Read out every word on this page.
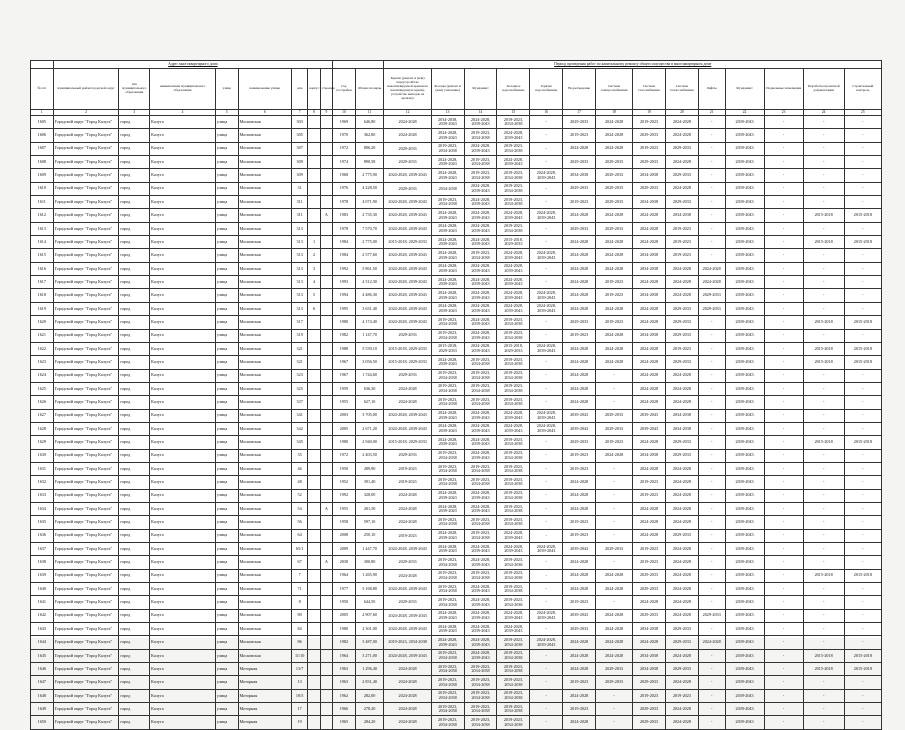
	Адрес многоквартирного дома										Период проведения работ по капитальному ремонту общего имущества в многоквартирном доме													
№ п/п	муниципальный район/городской округ	тип муниципального образования	наименование муниципального образования	улица	наименование улицы	дом	корпус	строение	Год постройки	Общая площадь	Крыша (ремонт и (или) переустройство невентилируемой крыши на вентилируемую крышу, устройство выходов на кровлю)	Фасады (ремонт и (или) утепление)	Фундамент	Холодное водоснабжение	Горячее водоснабжение	Водоотведение	Система электроснабжения	Система газоснабжения	Система теплоснабжения	Лифты	Фундамент	Подвальные помещения	Разработка проектной документации	Строительный контроль
1	2	3	4	5	6	7	8	9	10	11	12	13	14	15	16	17	18	19	20	21	22	23	24	25
1605	Городской округ "Город Калуга"	город	Калуга	улица	Московская	303			1969	646,80	2024-2028	2034-2038, 2039-2043	2024-2028, 2039-2043	2019-2023, 2034-2038	-	2029-2033	2024-2028	2019-2023	2024-2028	-	2039-2043	-	-	-
1606	Городской округ "Город Калуга"	город	Калуга	улица	Московская	305			1970	362,80	2024-2028	2024-2028, 2039-2043	2019-2023, 2034-2038	2024-2028, 2039-2043	-	2019-2023	2024-2028	2029-2033	2024-2028	-	2039-2043	-	-	-
1607	Городской округ "Город Калуга"	город	Калуга	улица	Московская	307			1972	806,20	2029-2033	2019-2023, 2034-2038	2024-2028, 2039-2043	2019-2023, 2034-2038	-	2024-2028	2024-2028	2019-2023	2029-2033	-	2039-2043	-	-	-
1608	Городской округ "Город Калуга"	город	Калуга	улица	Московская	309			1974	890,58	2029-2033	2024-2028, 2039-2043	2019-2023, 2034-2038	2024-2028, 2039-2043	-	2029-2033	2029-2033	2029-2033	2024-2028	-	2039-2043	-	-	-
1609	Городской округ "Город Калуга"	город	Калуга	улица	Московская	309			1968	2 775,90	2024-2028, 2039-2043	2024-2028, 2039-2043	2019-2023, 2034-2038	2019-2023, 2034-2038	2024-2028, 2039-2043	2034-2038	2029-2033	2034-2038	2029-2033	-	2039-2043	-	-	-
1610	Городской округ "Город Калуга"	город	Калуга	улица	Московская	31			1976	4 228,50	2029-2033	2034-2038	2024-2028, 2039-2043	2019-2023, 2034-2038	-	2029-2033	2029-2033	2029-2033	2024-2028	-	2039-2043	-	-	-
1611	Городской округ "Город Калуга"	город	Калуга	улица	Московская	311			1978	4 071,90	2024-2028, 2039-2043	2019-2023, 2034-2038	2024-2028, 2039-2043	2019-2023, 2034-2038	-	2019-2023	2029-2033	2034-2038	2029-2033	-	2039-2043	-	-	-
1612	Городской округ "Город Калуга"	город	Калуга	улица	Московская	311		А	1983	2 735,30	2024-2028, 2039-2043	2024-2028, 2039-2043	2024-2028, 2039-2043	2024-2028, 2039-2043	2024-2028, 2039-2043	2024-2028	2024-2028	2024-2028	2034-2038	-	2039-2043	-	2015-2018	2015-2018
1613	Городской округ "Город Калуга"	город	Калуга	улица	Московская	313			1978	7 570,70	2024-2028, 2039-2043	2024-2028, 2039-2043	2024-2028, 2039-2043	2019-2023, 2034-2038	-	2029-2033	2029-2033	2024-2028	2019-2023	-	2039-2043	-	-	-
1614	Городской округ "Город Калуга"	город	Калуга	улица	Московская	313	1		1984	2 775,00	2015-2018, 2029-2033	2024-2028, 2039-2043	2024-2028, 2039-2043	2015-2018, 2029-2033	-	2024-2028	2024-2028	2024-2028	2019-2023	-	2039-2043	-	2015-2018	2015-2018
1615	Городской округ "Город Калуга"	город	Калуга	улица	Московская	313	2		1984	2 577,60	2024-2028, 2039-2043	2024-2028, 2039-2043	2019-2023, 2034-2038	2024-2028, 2039-2043	2024-2028, 2039-2043	2024-2028	2024-2028	2034-2038	2019-2023	-	2039-2043	-	-	-
1616	Городской округ "Город Калуга"	город	Калуга	улица	Московская	313	3		1992	5 861,50	2024-2028, 2039-2043	2024-2028, 2039-2043	2024-2028, 2039-2043	2024-2028, 2039-2043	-	2024-2028	2024-2028	2034-2038	2024-2028	2024-2028	2039-2043	-	-	-
1617	Городской округ "Город Калуга"	город	Калуга	улица	Московская	313	4		1993	4 512,30	2024-2028, 2039-2043	2024-2028, 2039-2043	2024-2028, 2039-2043	2024-2028, 2039-2043	-	2024-2028	2019-2023	2024-2028	2024-2028	2024-2028	2039-2043	-	-	-
1618	Городской округ "Город Калуга"	город	Калуга	улица	Московская	313	5		1994	4 486,30	2024-2028, 2039-2043	2024-2028, 2039-2043	2024-2028, 2039-2043	2024-2028, 2039-2043	2024-2028, 2039-2043	2024-2028	2019-2023	2034-2038	2024-2028	2029-2033	2039-2043	-	-	-
1619	Городской округ "Город Калуга"	город	Калуга	улица	Московская	313	6		1995	3 631,40	2024-2028, 2039-2043	2024-2028, 2039-2043	2024-2028, 2039-2043	2024-2028, 2039-2043	2024-2028, 2039-2043	2024-2028	2024-2028	2024-2028	2029-2033	2029-2033	2039-2043	-	-	-
1620	Городской округ "Город Калуга"	город	Калуга	улица	Московская	317			1980	4 174,40	2024-2028, 2039-2043	2019-2023, 2034-2038	2024-2028, 2039-2043	2019-2023, 2034-2038	-	2029-2033	2019-2023	2024-2028	2029-2033	-	2039-2043	-	2015-2018	2015-2018
1621	Городской округ "Город Калуга"	город	Калуга	улица	Московская	319			1982	1 147,70	2029-2033	2019-2023, 2034-2038	2024-2028, 2039-2043	2019-2023, 2034-2038	-	2019-2023	2024-2028	2034-2038	2029-2033	-	2039-2043	-	-	-
1622	Городской округ "Город Калуга"	город	Калуга	улица	Московская	321			1988	5 539,10	2015-2018, 2029-2033	2015-2018, 2029-2033	2024-2028, 2039-2043	2015-2018, 2029-2033	2024-2028, 2039-2043	2024-2028	2024-2028	2024-2028	2019-2023	-	2039-2043	-	2015-2018	2015-2018
1623	Городской округ "Город Калуга"	город	Калуга	улица	Московская	321			1967	3 056,50	2015-2018, 2029-2033	2024-2028, 2039-2043	2019-2023, 2034-2038	2019-2023, 2034-2038	-	2024-2028	2024-2028	2024-2028	2029-2033	-	2039-2043	-	2015-2018	2015-2018
1624	Городской округ "Город Калуга"	город	Калуга	улица	Московская	323			1967	1 744,60	2029-2033	2019-2023, 2034-2038	2019-2023, 2034-2038	2019-2023, 2034-2038	-	2024-2028	-	2024-2028	2024-2028	-	2039-2043	-	-	-
1625	Городской округ "Город Калуга"	город	Калуга	улица	Московская	325			1959	636,30	2024-2028	2019-2023, 2034-2038	2019-2023, 2034-2038	2019-2023, 2034-2038	-	2024-2028	-	2024-2028	2024-2028	-	2039-2043	-	-	-
1626	Городской округ "Город Калуга"	город	Калуга	улица	Московская	337			1955	627,10	2024-2028	2019-2023, 2034-2038	2019-2023, 2034-2038	2019-2023, 2034-2038	-	2024-2028	-	2024-2028	2024-2028	-	2039-2043	-	-	-
1627	Городской округ "Город Калуга"	город	Калуга	улица	Московская	341			2003	3 705,00	2024-2028, 2039-2043	2024-2028, 2039-2043	2024-2028, 2039-2043	2024-2028, 2039-2043	2024-2028, 2039-2043	2039-2043	2029-2033	2039-2043	2034-2038	-	2039-2043	-	-	-
1628	Городской округ "Город Калуга"	город	Калуга	улица	Московская	342			2005	2 671,20	2024-2028, 2039-2043	2024-2028, 2039-2043	2024-2028, 2039-2043	2024-2028, 2039-2043	2024-2028, 2039-2043	2039-2043	2029-2033	2039-2043	2034-2038	-	2039-2043	-	-	-
1629	Городской округ "Город Калуга"	город	Калуга	улица	Московская	345			1980	2 940,00	2015-2018, 2029-2033	2024-2028, 2039-2043	2024-2028, 2039-2043	2019-2023, 2034-2038	-	2029-2033	2019-2023	2024-2028	2029-2033	-	2039-2043	-	2015-2018	2015-2018
1630	Городской округ "Город Калуга"	город	Калуга	улица	Московская	35			1972	2 403,50	2029-2033	2019-2023, 2034-2038	2024-2028, 2039-2043	2019-2023, 2034-2038	-	2019-2023	2024-2028	2034-2038	2029-2033	-	2039-2043	-	-	-
1631	Городской округ "Город Калуга"	город	Калуга	улица	Московская	46			1950	289,90	2019-2023	2019-2023, 2034-2038	2019-2023, 2034-2038	2019-2023, 2034-2038	-	2019-2023	-	2024-2028	2024-2028	-	2039-2043	-	-	-
1632	Городской округ "Город Калуга"	город	Калуга	улица	Московская	48			1952	391,40	2019-2023	2019-2023, 2034-2038	2019-2023, 2034-2038	2019-2023, 2034-2038	-	2024-2028	-	2019-2023	2024-2028	-	2039-2043	-	-	-
1633	Городской округ "Город Калуга"	город	Калуга	улица	Московская	52			1992	328,00	2024-2028	2024-2028, 2039-2043	2024-2028, 2039-2043	2019-2023, 2034-2038	-	2024-2028	-	2019-2023	2024-2028	-	2039-2043	-	-	-
1634	Городской округ "Город Калуга"	город	Калуга	улица	Московская	54		А	1955	201,50	2024-2028	2024-2028, 2039-2043	2024-2028, 2039-2043	2019-2023, 2034-2038	-	2024-2028	-	2024-2028	2024-2028	-	2039-2043	-	-	-
1635	Городской округ "Город Калуга"	город	Калуга	улица	Московская	56			1958	597,10	2024-2028	2019-2023, 2034-2038	2019-2023, 2034-2038	2019-2023, 2034-2038	-	2019-2023	-	2024-2028	2024-2028	-	2039-2043	-	-	-
1636	Городской округ "Город Калуга"	город	Калуга	улица	Московская	64			2008	250,10	2019-2023	2024-2028, 2039-2043	2019-2023, 2034-2038	2024-2028, 2039-2043	-	2019-2023	-	2024-2028	2029-2033	-	2039-2043	-	-	-
1637	Городской округ "Город Калуга"	город	Калуга	улица	Московская	65/1			2009	1 447,70	2024-2028, 2039-2043	2024-2028, 2039-2043	2024-2028, 2039-2043	2024-2028, 2039-2043	2024-2028, 2039-2043	2039-2043	2029-2033	2019-2023	2024-2028	-	2039-2043	-	-	-
1638	Городской округ "Город Калуга"	город	Калуга	улица	Московская	67		А	2030	300,80	2029-2033	2019-2023, 2034-2038	2024-2028, 2039-2043	2019-2023, 2034-2038	-	2024-2028	-	2019-2023	2024-2028	-	2039-2043	-	-	-
1639	Городской округ "Город Калуга"	город	Калуга	улица	Московская	7			1964	1 265,90	2024-2028	2019-2023, 2034-2038	2019-2023, 2034-2038	2019-2023, 2034-2038	-	2024-2028	2024-2028	2029-2033	2024-2028	-	2039-2043	-	2015-2018	2015-2018
1640	Городской округ "Город Калуга"	город	Калуга	улица	Московская	71			1977	3 168,80	2024-2028, 2039-2043	2019-2023, 2034-2038	2024-2028, 2039-2043	2019-2023, 2034-2038	-	2024-2028	2024-2028	2029-2033	2024-2028	-	2039-2043	-	-	-
1641	Городской округ "Город Калуга"	город	Калуга	улица	Московская	8			1950	644,50	2029-2033	2019-2023, 2034-2038	2024-2028, 2039-2043	2019-2023, 2034-2038	-	2019-2023	-	2024-2028	2024-2028	-	2039-2043	-	-	-
1642	Городской округ "Город Калуга"	город	Калуга	улица	Московская	80			2005	2 907,60	2024-2028, 2039-2043	2024-2028, 2039-2043	2024-2028, 2039-2043	2024-2028, 2039-2043	2024-2028, 2039-2043	2039-2043	2024-2028	2029-2033	2024-2028	2029-2033	2039-2043	-	-	-
1643	Городской округ "Город Калуга"	город	Калуга	улица	Московская	84			1980	2 301,00	2024-2028, 2039-2043	2024-2028, 2039-2043	2024-2028, 2039-2043	2024-2028, 2039-2043	-	2029-2033	2024-2028	2034-2038	2029-2033	-	2039-2043	-	-	-
1644	Городской округ "Город Калуга"	город	Калуга	улица	Московская	86			1982	3 487,00	2019-2023, 2034-2038	2024-2028, 2039-2043	2024-2028, 2039-2043	2019-2023, 2034-2038	2024-2028, 2039-2043	2024-2028	2024-2028	2024-2028	2029-2033	2024-2028	2039-2043	-	-	-
1645	Городской округ "Город Калуга"	город	Калуга	улица	Московская	11/10			1964	3 271,00	2024-2028, 2039-2043	2019-2023, 2034-2038	2024-2028, 2039-2043	2019-2023, 2034-2038	-	2024-2028	2024-2028	2034-2038	2024-2028	-	2039-2043	-	2015-2018	2015-2018
1646	Городской округ "Город Калуга"	город	Калуга	улица	Моторная	13/7			1963	1 296,40	2024-2028	2019-2023, 2034-2038	2019-2023, 2034-2038	2019-2023, 2034-2038	-	2024-2028	2029-2033	2034-2038	2029-2033	-	2039-2043	-	2015-2018	2015-2018
1647	Городской округ "Город Калуга"	город	Калуга	улица	Моторная	13			1963	2 831,40	2024-2028	2019-2023, 2034-2038	2019-2023, 2034-2038	2019-2023, 2034-2038	-	2019-2023	2029-2033	2029-2033	2024-2028	-	2039-2043	-	-	-
1648	Городской округ "Город Калуга"	город	Калуга	улица	Моторная	10/3			1962	282,00	2024-2028	2019-2023, 2034-2038	2019-2023, 2034-2038	2019-2023, 2034-2038	-	2024-2028	-	2019-2023	2019-2023	-	2039-2043	-	-	-
1649	Городской округ "Город Калуга"	город	Калуга	улица	Моторная	17			1966	278,20	2024-2028	2019-2023, 2034-2038	2019-2023, 2034-2038	2019-2023, 2034-2038	-	2019-2023	-	2029-2033	2024-2028	-	2039-2043	-	-	-
1650	Городской округ "Город Калуга"	город	Калуга	улица	Моторная	19			1965	284,20	2024-2028	2019-2023, 2034-2038	2019-2023, 2034-2038	2019-2023, 2034-2038	-	2024-2028	-	2029-2033	2024-2028	-	2039-2043	-	-	-
